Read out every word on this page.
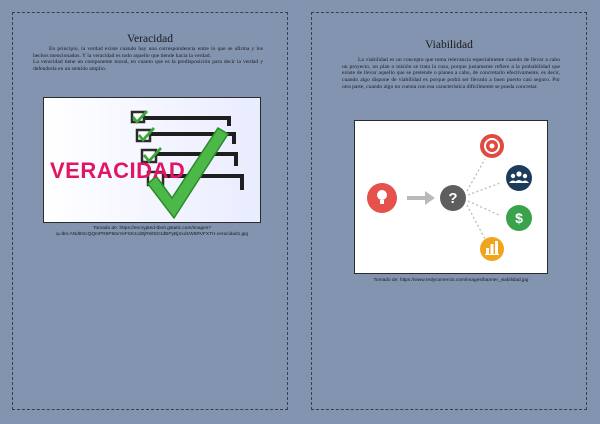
Veracidad

En principio, la verdad existe cuando hay una correspondencia entre lo que se afirma y los hechos mencionados. Y la veracidad es todo aquello que tiende hacia la verdad.

La veracidad tiene un componente moral, en cuanto que es la predisposición para decir la verdad y defenderla en un sentido amplio.

VERACIDAD
Tomado de: https://encrypted-tbn0.gstatic.com/images?q=tbn:ANd9GcQQmPR5P66xYeFSKzcd0jRWSD1dBPyBjXxd1W6RVFXTH.veracidad1.jpg
Viabilidad

La viabilidad es un concepto que toma relevancia especialmente cuando de llevar a cabo un proyecto, un plan o misión se trata la cosa, porque justamente refiere a la probabilidad que existe de llevar aquello que se pretende o planea a cabo, de concretarlo efectivamente, es decir, cuando algo dispone de viabilidad es porque podrá ser llevado a buen puerto casi seguro. Por otra parte, cuando algo no cuenta con esa característica difícilmente se pueda concretar.

?
$
Tomado de: https://www.redycomercio.com/images/banner_viabilidad.jpg
